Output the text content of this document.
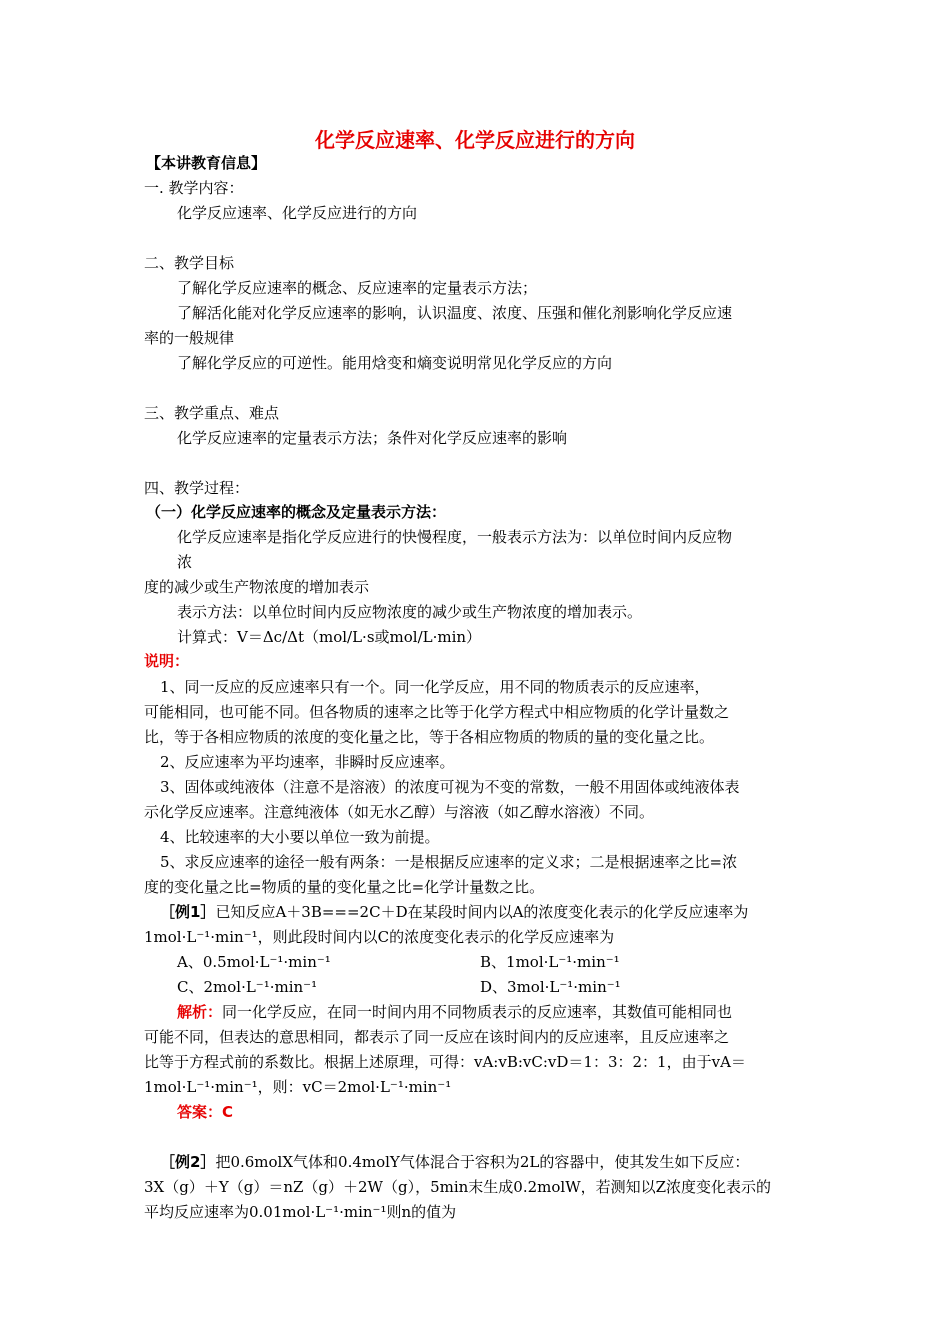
化学反应速率、化学反应进行的方向
【本讲教育信息】
一. 教学内容：
化学反应速率、化学反应进行的方向
二、教学目标
了解化学反应速率的概念、反应速率的定量表示方法；
了解活化能对化学反应速率的影响，认识温度、浓度、压强和催化剂影响化学反应速
率的一般规律
了解化学反应的可逆性。能用焓变和熵变说明常见化学反应的方向
三、教学重点、难点
化学反应速率的定量表示方法；条件对化学反应速率的影响
四、教学过程：
（一）化学反应速率的概念及定量表示方法：
化学反应速率是指化学反应进行的快慢程度，一般表示方法为：以单位时间内反应物
浓
度的减少或生产物浓度的增加表示
表示方法：以单位时间内反应物浓度的减少或生产物浓度的增加表示。
计算式：V＝Δc/Δt（mol/L·s或mol/L·min）
说明：
1、同一反应的反应速率只有一个。同一化学反应，用不同的物质表示的反应速率，
可能相同，也可能不同。但各物质的速率之比等于化学方程式中相应物质的化学计量数之
比，等于各相应物质的浓度的变化量之比，等于各相应物质的物质的量的变化量之比。
2、反应速率为平均速率，非瞬时反应速率。
3、固体或纯液体（注意不是溶液）的浓度可视为不变的常数，一般不用固体或纯液体表
示化学反应速率。注意纯液体（如无水乙醇）与溶液（如乙醇水溶液）不同。
4、比较速率的大小要以单位一致为前提。
5、求反应速率的途径一般有两条：一是根据反应速率的定义求；二是根据速率之比=浓
度的变化量之比=物质的量的变化量之比=化学计量数之比。
［例1］已知反应A＋3B===2C＋D在某段时间内以A的浓度变化表示的化学反应速率为
1mol·L⁻¹·min⁻¹，则此段时间内以C的浓度变化表示的化学反应速率为
A、0.5mol·L⁻¹·min⁻¹	B、1mol·L⁻¹·min⁻¹
C、2mol·L⁻¹·min⁻¹	D、3mol·L⁻¹·min⁻¹
解析：同一化学反应，在同一时间内用不同物质表示的反应速率，其数值可能相同也
可能不同，但表达的意思相同，都表示了同一反应在该时间内的反应速率，且反应速率之
比等于方程式前的系数比。根据上述原理，可得：vA:vB:vC:vD＝1：3：2：1，由于vA＝
1mol·L⁻¹·min⁻¹，则：vC＝2mol·L⁻¹·min⁻¹
答案：C
［例2］把0.6molX气体和0.4molY气体混合于容积为2L的容器中，使其发生如下反应：
3X（g）＋Y（g）＝nZ（g）＋2W（g），5min末生成0.2molW，若测知以Z浓度变化表示的
平均反应速率为0.01mol·L⁻¹·min⁻¹则n的值为
